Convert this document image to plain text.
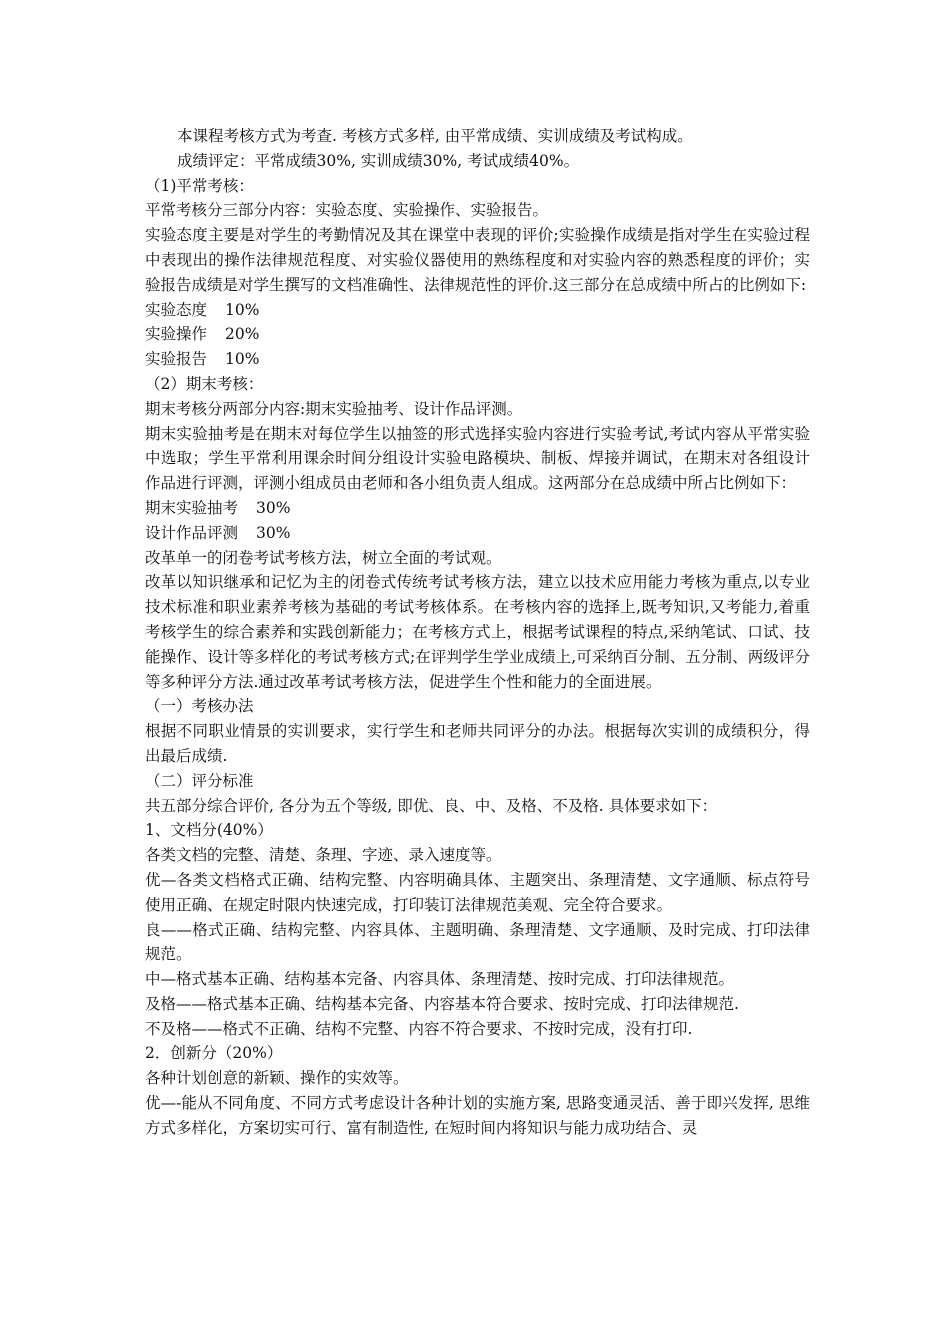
本课程考核方式为考查. 考核方式多样, 由平常成绩、实训成绩及考试构成。

成绩评定：平常成绩30%, 实训成绩30%, 考试成绩40%。

（1)平常考核：

平常考核分三部分内容：实验态度、实验操作、实验报告。

实验态度主要是对学生的考勤情况及其在课堂中表现的评价;实验操作成绩是指对学生在实验过程中表现出的操作法律规范程度、对实验仪器使用的熟练程度和对实验内容的熟悉程度的评价；实验报告成绩是对学生撰写的文档准确性、法律规范性的评价.这三部分在总成绩中所占的比例如下:

实验态度 10%

实验操作 20%

实验报告 10%

（2）期末考核：

期末考核分两部分内容:期末实验抽考、设计作品评测。

期末实验抽考是在期末对每位学生以抽签的形式选择实验内容进行实验考试,考试内容从平常实验中选取；学生平常利用课余时间分组设计实验电路模块、制板、焊接并调试，在期末对各组设计作品进行评测，评测小组成员由老师和各小组负责人组成。这两部分在总成绩中所占比例如下：

期末实验抽考 30%

设计作品评测 30%

改革单一的闭卷考试考核方法，树立全面的考试观。

改革以知识继承和记忆为主的闭卷式传统考试考核方法，建立以技术应用能力考核为重点,以专业技术标准和职业素养考核为基础的考试考核体系。在考核内容的选择上,既考知识,又考能力,着重考核学生的综合素养和实践创新能力；在考核方式上，根据考试课程的特点,采纳笔试、口试、技能操作、设计等多样化的考试考核方式;在评判学生学业成绩上,可采纳百分制、五分制、两级评分等多种评分方法.通过改革考试考核方法，促进学生个性和能力的全面进展。

（一）考核办法

根据不同职业情景的实训要求，实行学生和老师共同评分的办法。根据每次实训的成绩积分，得出最后成绩.

（二）评分标准

共五部分综合评价, 各分为五个等级, 即优、良、中、及格、不及格. 具体要求如下：

1、文档分(40%）

各类文档的完整、清楚、条理、字迹、录入速度等。

优—各类文档格式正确、结构完整、内容明确具体、主题突出、条理清楚、文字通顺、标点符号使用正确、在规定时限内快速完成，打印装订法律规范美观、完全符合要求。

良——格式正确、结构完整、内容具体、主题明确、条理清楚、文字通顺、及时完成、打印法律规范。

中—格式基本正确、结构基本完备、内容具体、条理清楚、按时完成、打印法律规范。

及格——格式基本正确、结构基本完备、内容基本符合要求、按时完成、打印法律规范.

不及格——格式不正确、结构不完整、内容不符合要求、不按时完成，没有打印.

2．创新分（20%）

各种计划创意的新颖、操作的实效等。

优—-能从不同角度、不同方式考虑设计各种计划的实施方案, 思路变通灵活、善于即兴发挥, 思维方式多样化，方案切实可行、富有制造性, 在短时间内将知识与能力成功结合、灵
